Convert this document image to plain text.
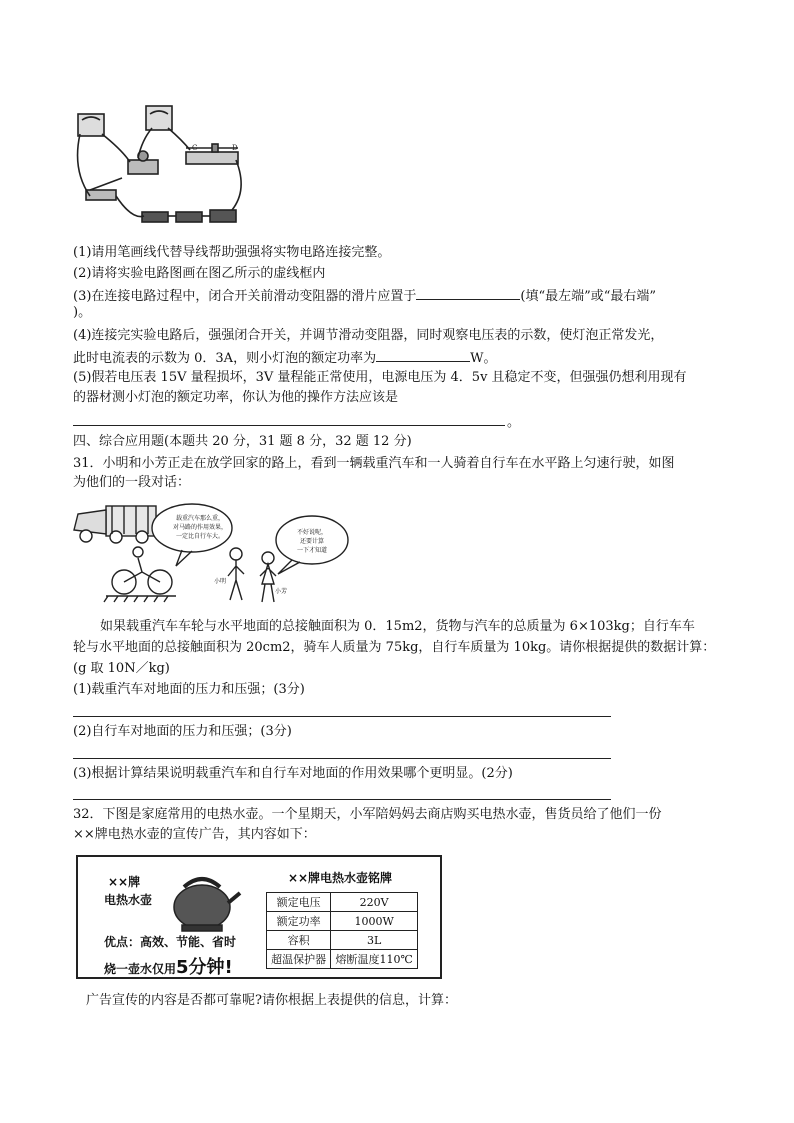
C	D
(1)请用笔画线代替导线帮助强强将实物电路连接完整。
(2)请将实验电路图画在图乙所示的虚线框内
(3)在连接电路过程中，闭合开关前滑动变阻器的滑片应置于	(填“最左端”或“最右端”
)。
(4)连接完实验电路后，强强闭合开关，并调节滑动变阻器，同时观察电压表的示数，使灯泡正常发光，
此时电流表的示数为 0．3A，则小灯泡的额定功率为	W。
(5)假若电压表 15V 量程损坏，3V 量程能正常使用，电源电压为 4．5v 且稳定不变，但强强仍想利用现有
的器材测小灯泡的额定功率，你认为他的操作方法应该是
。
四、综合应用题(本题共 20 分，31 题 8 分，32 题 12 分)
31．小明和小芳正走在放学回家的路上，看到一辆载重汽车和一人骑着自行车在水平路上匀速行驶，如图
为他们的一段对话：
载重汽车那么重，
对马路的作用效果，
一定比自行车大。
不好说呢，
还要计算
一下才知道
小明
小芳
如果载重汽车车轮与水平地面的总接触面积为 0．15m2，货物与汽车的总质量为 6×103kg；自行车车
轮与水平地面的总接触面积为 20cm2，骑车人质量为 75kg，自行车质量为 10kg。请你根据提供的数据计算：
(g 取 10N／kg)
(1)载重汽车对地面的压力和压强；(3分)
(2)自行车对地面的压力和压强；(3分)
(3)根据计算结果说明载重汽车和自行车对地面的作用效果哪个更明显。(2分)
32．下图是家庭常用的电热水壶。一个星期天，小军陪妈妈去商店购买电热水壶，售货员给了他们一份
××牌电热水壶的宣传广告，其内容如下：
××牌
电热水壶
优点：高效、节能、省时
烧一壶水仅用5分钟!
××牌电热水壶铭牌
额定电压	220V
额定功率	1000W
容积	3L
超温保护器	熔断温度110℃
广告宣传的内容是否都可靠呢?请你根据上表提供的信息，计算：
